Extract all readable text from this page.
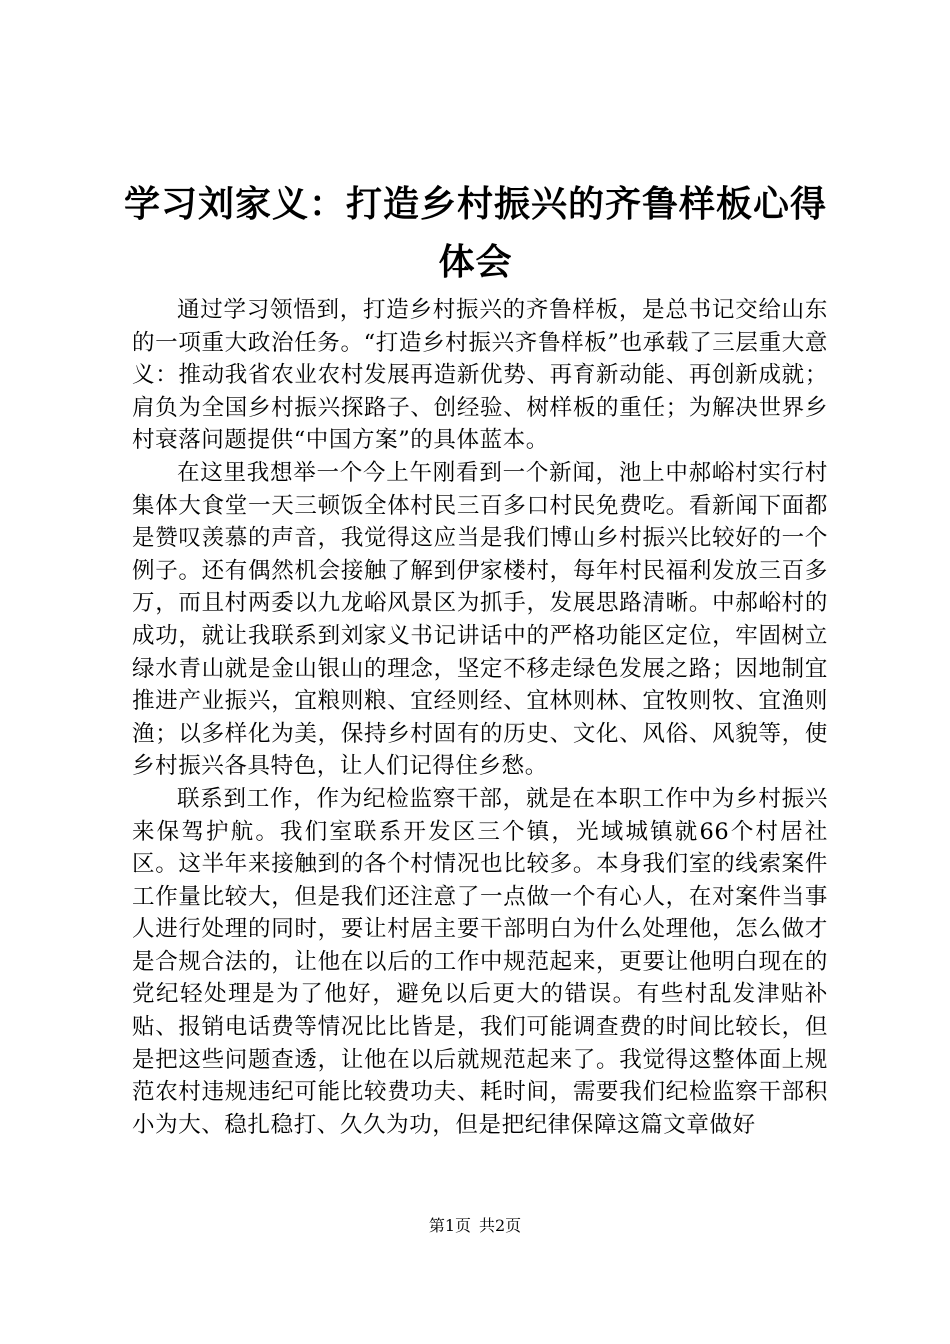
学习刘家义：打造乡村振兴的齐鲁样板心得体会

通过学习领悟到，打造乡村振兴的齐鲁样板，是总书记交给山东的一项重大政治任务。“打造乡村振兴齐鲁样板”也承载了三层重大意义：推动我省农业农村发展再造新优势、再育新动能、再创新成就；肩负为全国乡村振兴探路子、创经验、树样板的重任；为解决世界乡村衰落问题提供“中国方案”的具体蓝本。

在这里我想举一个今上午刚看到一个新闻，池上中郝峪村实行村集体大食堂一天三顿饭全体村民三百多口村民免费吃。看新闻下面都是赞叹羡慕的声音，我觉得这应当是我们博山乡村振兴比较好的一个例子。还有偶然机会接触了解到伊家楼村，每年村民福利发放三百多万，而且村两委以九龙峪风景区为抓手，发展思路清晰。中郝峪村的成功，就让我联系到刘家义书记讲话中的严格功能区定位，牢固树立绿水青山就是金山银山的理念，坚定不移走绿色发展之路；因地制宜推进产业振兴，宜粮则粮、宜经则经、宜林则林、宜牧则牧、宜渔则渔；以多样化为美，保持乡村固有的历史、文化、风俗、风貌等，使乡村振兴各具特色，让人们记得住乡愁。

联系到工作，作为纪检监察干部，就是在本职工作中为乡村振兴来保驾护航。我们室联系开发区三个镇，光域城镇就66个村居社区。这半年来接触到的各个村情况也比较多。本身我们室的线索案件工作量比较大，但是我们还注意了一点做一个有心人，在对案件当事人进行处理的同时，要让村居主要干部明白为什么处理他，怎么做才是合规合法的，让他在以后的工作中规范起来，更要让他明白现在的党纪轻处理是为了他好，避免以后更大的错误。有些村乱发津贴补贴、报销电话费等情况比比皆是，我们可能调查费的时间比较长，但是把这些问题查透，让他在以后就规范起来了。我觉得这整体面上规范农村违规违纪可能比较费功夫、耗时间，需要我们纪检监察干部积小为大、稳扎稳打、久久为功，但是把纪律保障这篇文章做好

第1页 共2页
